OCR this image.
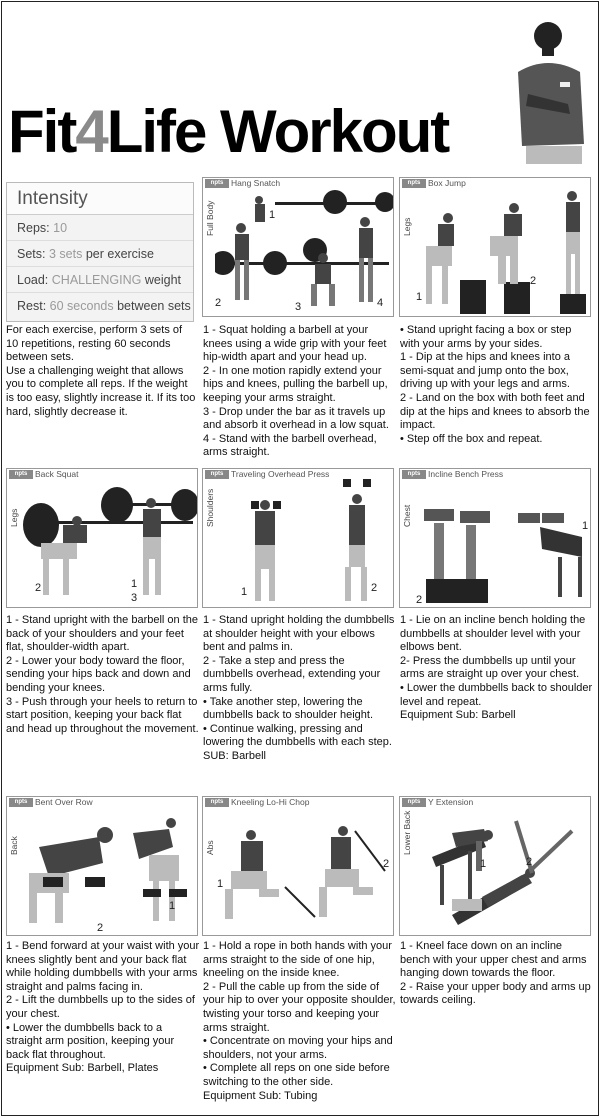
Fit4Life Workout
Intensity
Reps: 10
Sets: 3 sets per exercise
Load: CHALLENGING weight
Rest: 60 seconds between sets

For each exercise, perform 3 sets of 10 repetitions, resting 60 seconds between sets.

Use a challenging weight that allows you to complete all reps. If the weight is too easy, slightly increase it. If its too hard, slightly decrease it.

npts Hang Snatch
Full Body	1
2	3	4

1 - Squat holding a barbell at your knees using a wide grip with your feet hip-width apart and your head up.

2 - In one motion rapidly extend your hips and knees, pulling the barbell up, keeping your arms straight.

3 - Drop under the bar as it travels up and absorb it overhead in a low squat.

4 - Stand with the barbell overhead, arms straight.

npts Box Jump
Legs
1
2

• Stand upright facing a box or step with your arms by your sides.

1 - Dip at the hips and knees into a semi-squat and jump onto the box, driving up with your legs and arms.

2 - Land on the box with both feet and dip at the hips and knees to absorb the impact.

• Step off the box and repeat.

npts Back Squat
Legs
2	1
3

1 - Stand upright with the barbell on the back of your shoulders and your feet flat, shoulder-width apart.

2 - Lower your body toward the floor, sending your hips back and down and bending your knees.

3 - Push through your heels to return to start position, keeping your back flat and head up throughout the movement.

npts Traveling Overhead Press
Shoulders
1	2

1 - Stand upright holding the dumbbells at shoulder height with your elbows bent and palms in.

2 - Take a step and press the dumbbells overhead, extending your arms fully.

• Take another step, lowering the dumbbells back to shoulder height.

• Continue walking, pressing and lowering the dumbbells with each step.

SUB: Barbell

npts Incline Bench Press
Chest
2
1

1 - Lie on an incline bench holding the dumbbells at shoulder level with your elbows bent.

2- Press the dumbbells up until your arms are straight up over your chest.

• Lower the dumbbells back to shoulder level and repeat.

Equipment Sub: Barbell

npts Bent Over Row
Back
2
1

1 - Bend forward at your waist with your knees slightly bent and your back flat while holding dumbbells with your arms straight and palms facing in.

2 - Lift the dumbbells up to the sides of your chest.

• Lower the dumbbells back to a straight arm position, keeping your back flat throughout.

Equipment Sub: Barbell, Plates

npts Kneeling Lo-Hi Chop
Abs
1
2

1 - Hold a rope in both hands with your arms straight to the side of one hip, kneeling on the inside knee.

2 - Pull the cable up from the side of your hip to over your opposite shoulder, twisting your torso and keeping your arms straight.

• Concentrate on moving your hips and shoulders, not your arms.

• Complete all reps on one side before switching to the other side.

Equipment Sub: Tubing

npts Y Extension
Lower Back
1	2

1 - Kneel face down on an incline bench with your upper chest and arms hanging down towards the floor.

2 - Raise your upper body and arms up towards ceiling.
